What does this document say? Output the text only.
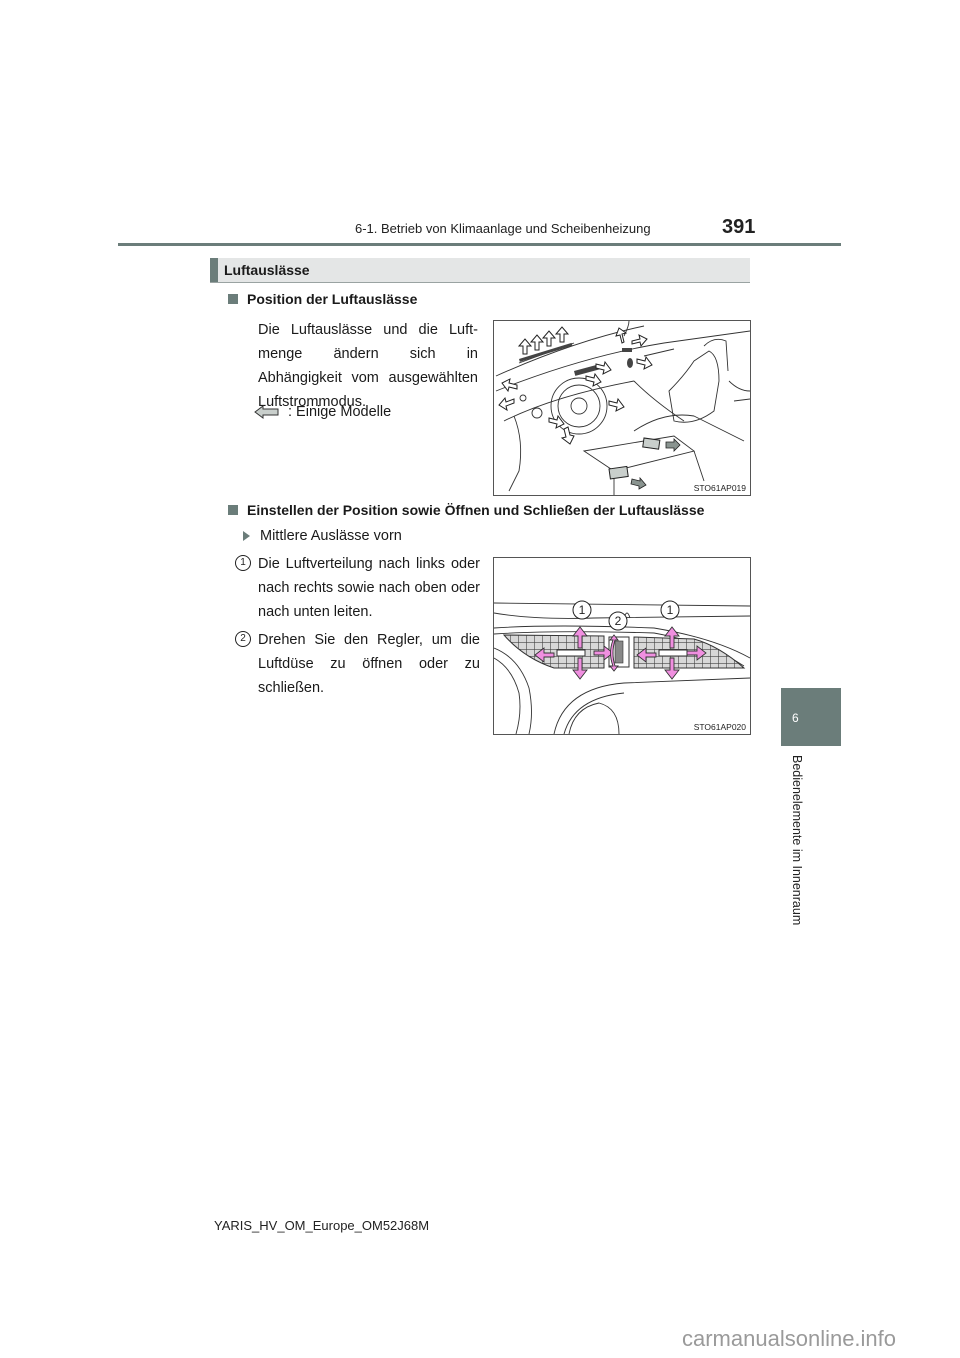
6-1. Betrieb von Klimaanlage und Scheibenheizung	391
6
Bedienelemente im Innenraum
Luftauslässe
Position der Luftauslässe
Die Luftauslässe und die Luftmenge ändern sich in Abhängigkeit vom ausgewählten Luftstrommodus.
: Einige Modelle
STO61AP019
Einstellen der Position sowie Öffnen und Schließen der Luftauslässe
Mittlere Auslässe vorn
1 Die Luftverteilung nach links oder nach rechts sowie nach oben oder nach unten leiten.
2 Drehen Sie den Regler, um die Luftdüse zu öffnen oder zu schließen.
1
2
1
STO61AP020
YARIS_HV_OM_Europe_OM52J68M
carmanualsonline.info
